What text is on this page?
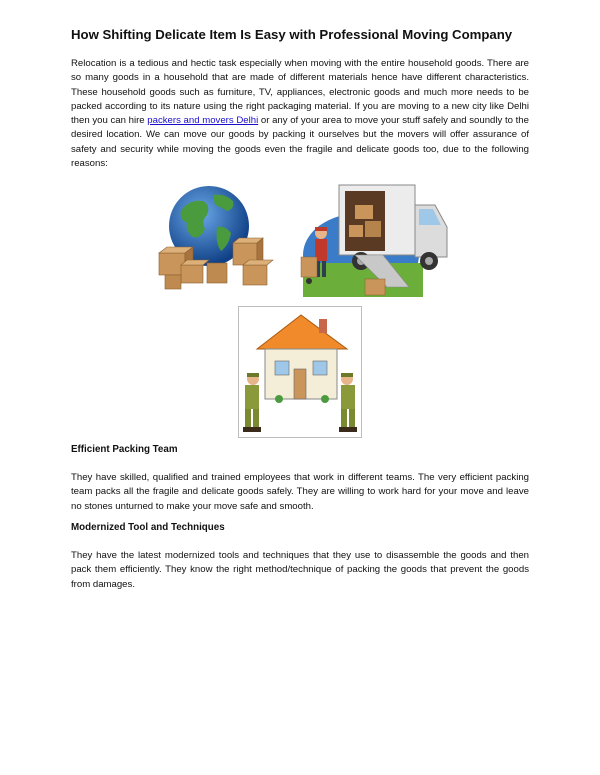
How Shifting Delicate Item Is Easy with Professional Moving Company

Relocation is a tedious and hectic task especially when moving with the entire household goods. There are so many goods in a household that are made of different materials hence have different characteristics. These household goods such as furniture, TV, appliances, electronic goods and much more needs to be packed according to its nature using the right packaging material. If you are moving to a new city like Delhi then you can hire packers and movers Delhi or any of your area to move your stuff safely and soundly to the desired location. We can move our goods by packing it ourselves but the movers will offer assurance of safety and security while moving the goods even the fragile and delicate goods too, due to the following reasons:

Efficient Packing Team

They have skilled, qualified and trained employees that work in different teams. The very efficient packing team packs all the fragile and delicate goods safely. They are willing to work hard for your move and leave no stones unturned to make your move safe and smooth.

Modernized Tool and Techniques

They have the latest modernized tools and techniques that they use to disassemble the goods and then pack them efficiently. They know the right method/technique of packing the goods that prevent the goods from damages.
